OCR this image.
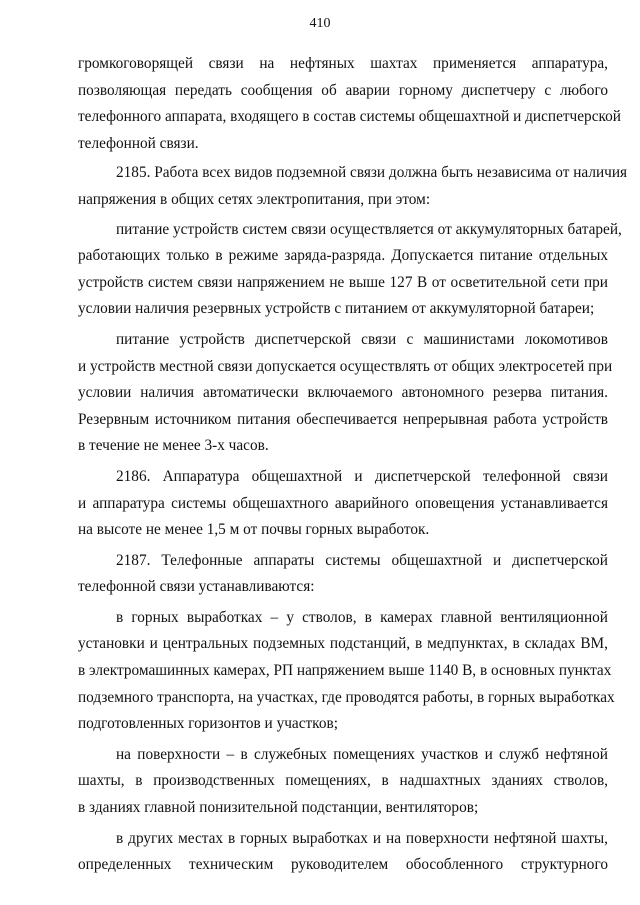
410
громкоговорящей связи на нефтяных шахтах применяется аппаратура,
позволяющая передать сообщения об аварии горному диспетчеру с любого
телефонного аппарата, входящего в состав системы общешахтной и диспетчерской
телефонной связи.
2185. Работа всех видов подземной связи должна быть независима от наличия
напряжения в общих сетях электропитания, при этом:
питание устройств систем связи осуществляется от аккумуляторных батарей,
работающих только в режиме заряда-разряда. Допускается питание отдельных
устройств систем связи напряжением не выше 127 В от осветительной сети при
условии наличия резервных устройств с питанием от аккумуляторной батареи;
питание устройств диспетчерской связи с машинистами локомотивов
и устройств местной связи допускается осуществлять от общих электросетей при
условии наличия автоматически включаемого автономного резерва питания.
Резервным источником питания обеспечивается непрерывная работа устройств
в течение не менее 3-х часов.
2186. Аппаратура общешахтной и диспетчерской телефонной связи
и аппаратура системы общешахтного аварийного оповещения устанавливается
на высоте не менее 1,5 м от почвы горных выработок.
2187. Телефонные аппараты системы общешахтной и диспетчерской
телефонной связи устанавливаются:
в горных выработках – у стволов, в камерах главной вентиляционной
установки и центральных подземных подстанций, в медпунктах, в складах ВМ,
в электромашинных камерах, РП напряжением выше 1140 В, в основных пунктах
подземного транспорта, на участках, где проводятся работы, в горных выработках
подготовленных горизонтов и участков;
на поверхности – в служебных помещениях участков и служб нефтяной
шахты, в производственных помещениях, в надшахтных зданиях стволов,
в зданиях главной понизительной подстанции, вентиляторов;
в других местах в горных выработках и на поверхности нефтяной шахты,
определенных техническим руководителем обособленного структурного
